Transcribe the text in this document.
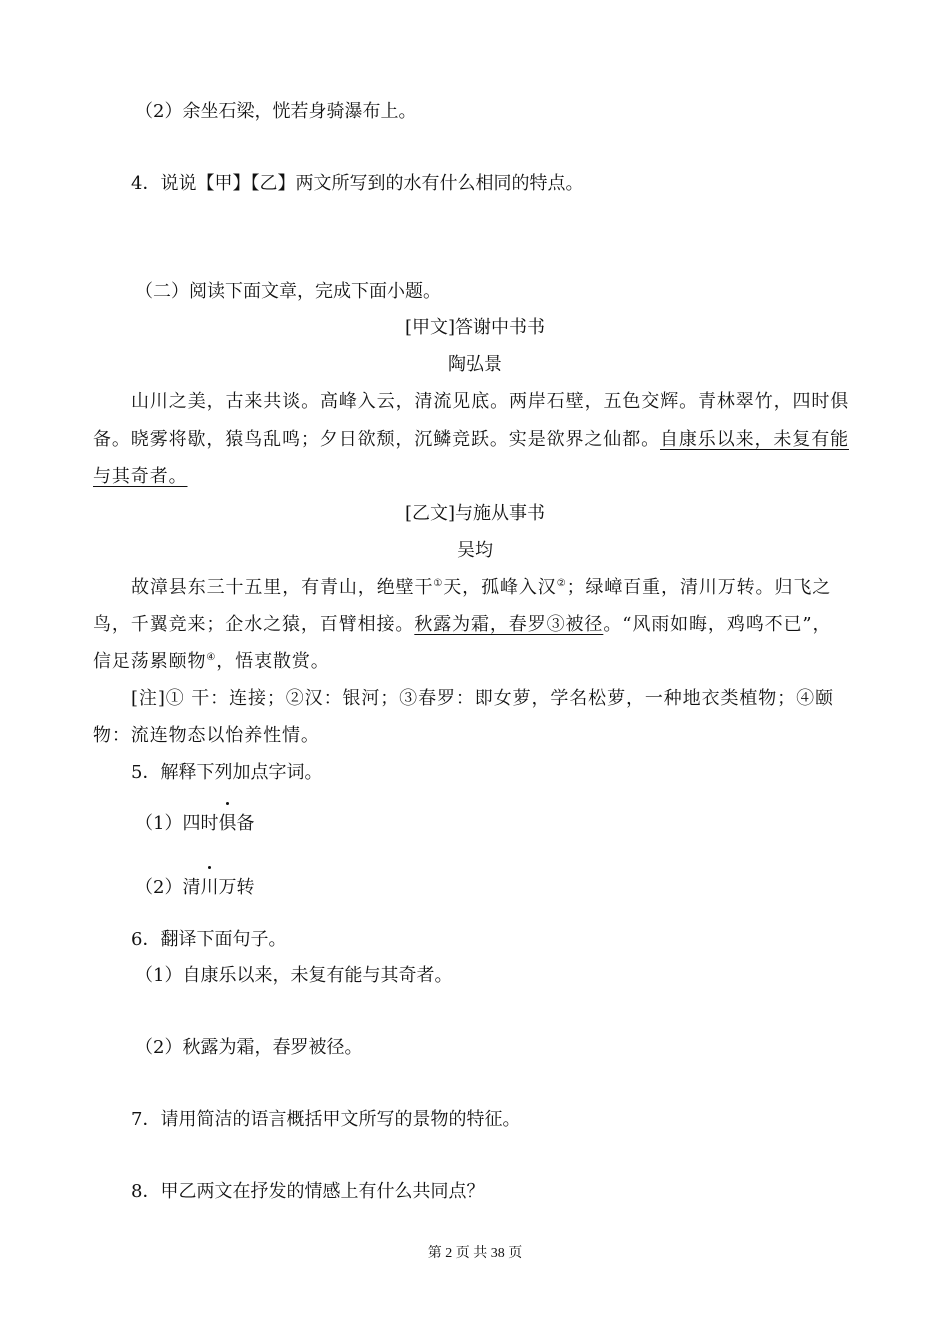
（2）余坐石梁，恍若身骑瀑布上。
4．说说【甲】【乙】两文所写到的水有什么相同的特点。
（二）阅读下面文章，完成下面小题。
[甲文]答谢中书书
陶弘景
山川之美，古来共谈。高峰入云，清流见底。两岸石壁，五色交辉。青林翠竹，四时俱
备。晓雾将歇，猿鸟乱鸣；夕日欲颓，沉鳞竞跃。实是欲界之仙都。自康乐以来，未复有能
与其奇者。
[乙文]与施从事书
吴均
故漳县东三十五里，有青山，绝壁干①天，孤峰入汉②；绿嶂百重，清川万转。归飞之
鸟，千翼竞来；企水之猿，百臂相接。秋露为霜，春罗③被径。“风雨如晦，鸡鸣不已”，
信足荡累颐物④，悟衷散赏。
[注]① 干：连接；②汉：银河；③春罗：即女萝，学名松萝，一种地衣类植物；④颐
物：流连物态以怡养性情。
5．解释下列加点字词。
（1）四时俱备
（2）清川万转
6．翻译下面句子。
（1）自康乐以来，未复有能与其奇者。
（2）秋露为霜，春罗被径。
7．请用简洁的语言概括甲文所写的景物的特征。
8．甲乙两文在抒发的情感上有什么共同点？
第 2 页 共 38 页
